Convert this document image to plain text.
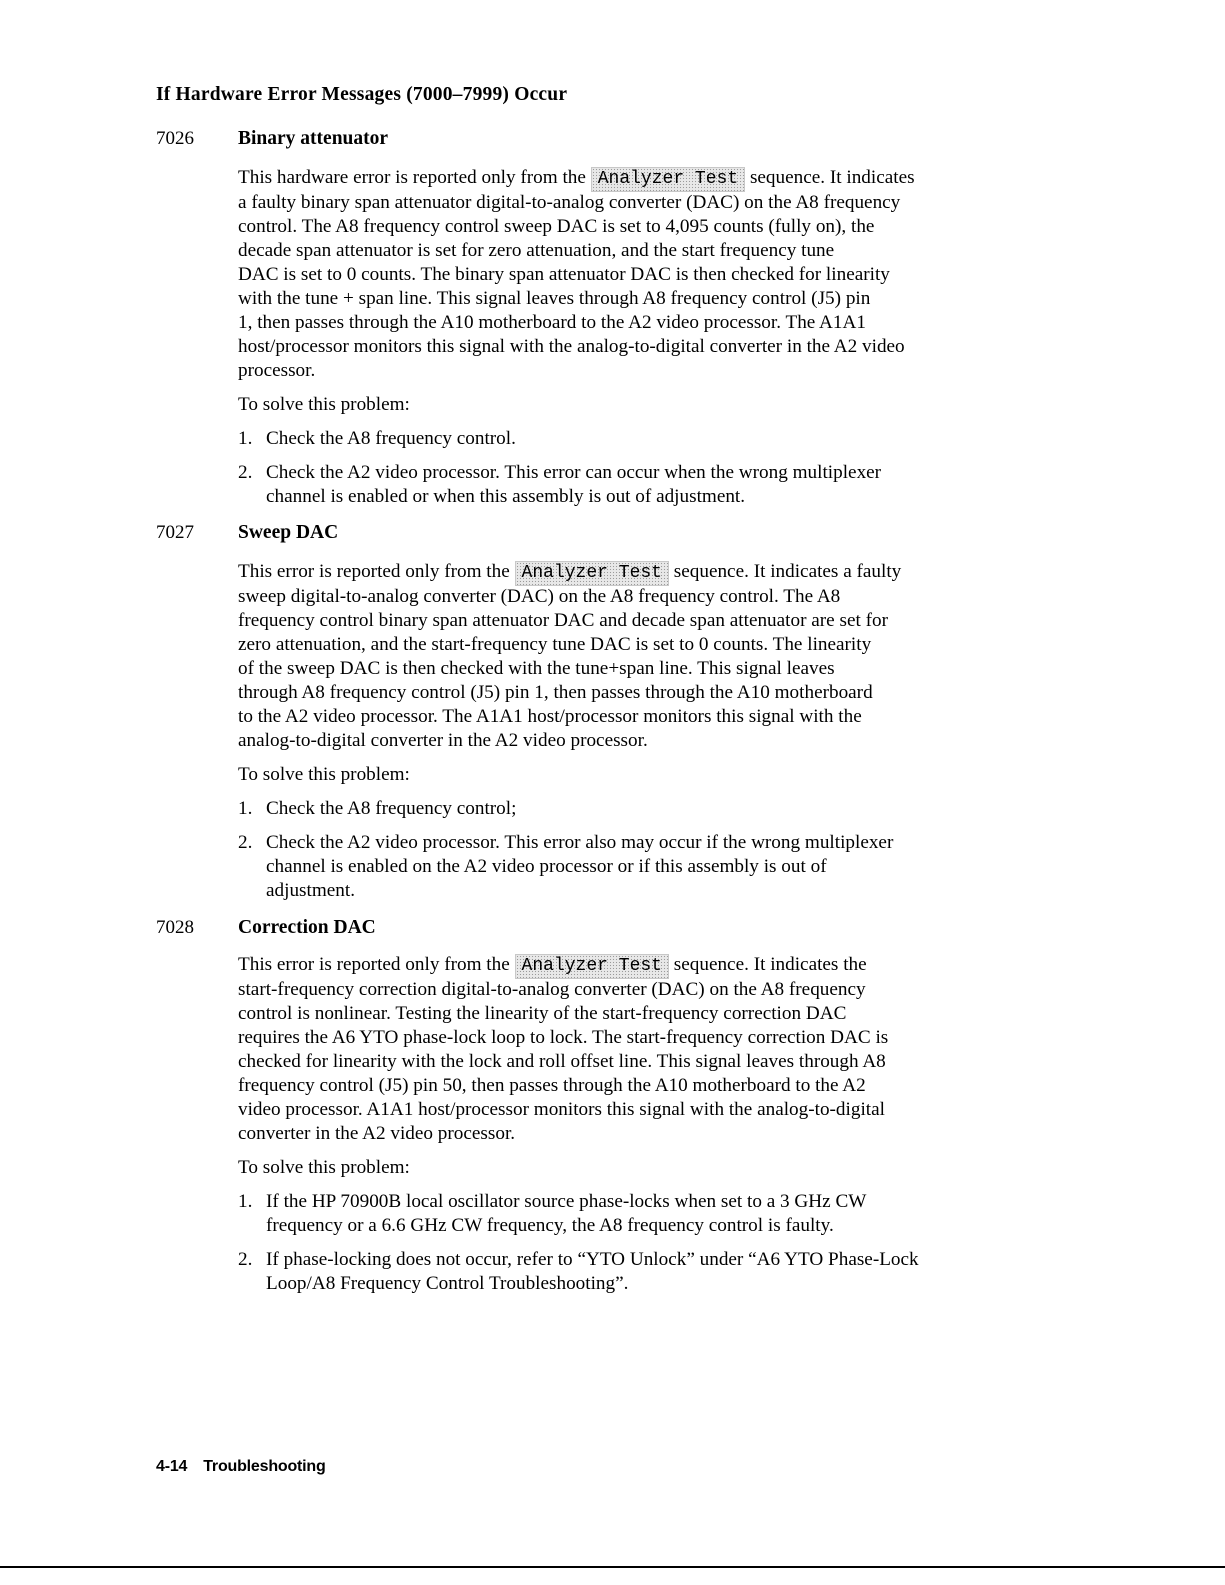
If Hardware Error Messages (7000–7999) Occur
7026 Binary attenuator
This hardware error is reported only from the Analyzer Test sequence. It indicates
a faulty binary span attenuator digital-to-analog converter (DAC) on the A8 frequency
control. The A8 frequency control sweep DAC is set to 4,095 counts (fully on), the
decade span attenuator is set for zero attenuation, and the start frequency tune
DAC is set to 0 counts. The binary span attenuator DAC is then checked for linearity
with the tune + span line. This signal leaves through A8 frequency control (J5) pin
1, then passes through the A10 motherboard to the A2 video processor. The A1A1
host/processor monitors this signal with the analog-to-digital converter in the A2 video
processor.
To solve this problem:
1. Check the A8 frequency control.
2. Check the A2 video processor. This error can occur when the wrong multiplexer
channel is enabled or when this assembly is out of adjustment.
7027 Sweep DAC
This error is reported only from the Analyzer Test sequence. It indicates a faulty
sweep digital-to-analog converter (DAC) on the A8 frequency control. The A8
frequency control binary span attenuator DAC and decade span attenuator are set for
zero attenuation, and the start-frequency tune DAC is set to 0 counts. The linearity
of the sweep DAC is then checked with the tune+span line. This signal leaves
through A8 frequency control (J5) pin 1, then passes through the A10 motherboard
to the A2 video processor. The A1A1 host/processor monitors this signal with the
analog-to-digital converter in the A2 video processor.
To solve this problem:
1. Check the A8 frequency control;
2. Check the A2 video processor. This error also may occur if the wrong multiplexer
channel is enabled on the A2 video processor or if this assembly is out of
adjustment.
7028 Correction DAC
This error is reported only from the Analyzer Test sequence. It indicates the
start-frequency correction digital-to-analog converter (DAC) on the A8 frequency
control is nonlinear. Testing the linearity of the start-frequency correction DAC
requires the A6 YTO phase-lock loop to lock. The start-frequency correction DAC is
checked for linearity with the lock and roll offset line. This signal leaves through A8
frequency control (J5) pin 50, then passes through the A10 motherboard to the A2
video processor. A1A1 host/processor monitors this signal with the analog-to-digital
converter in the A2 video processor.
To solve this problem:
1. If the HP 70900B local oscillator source phase-locks when set to a 3 GHz CW
frequency or a 6.6 GHz CW frequency, the A8 frequency control is faulty.
2. If phase-locking does not occur, refer to “YTO Unlock” under “A6 YTO Phase-Lock
Loop/A8 Frequency Control Troubleshooting”.
4-14 Troubleshooting
